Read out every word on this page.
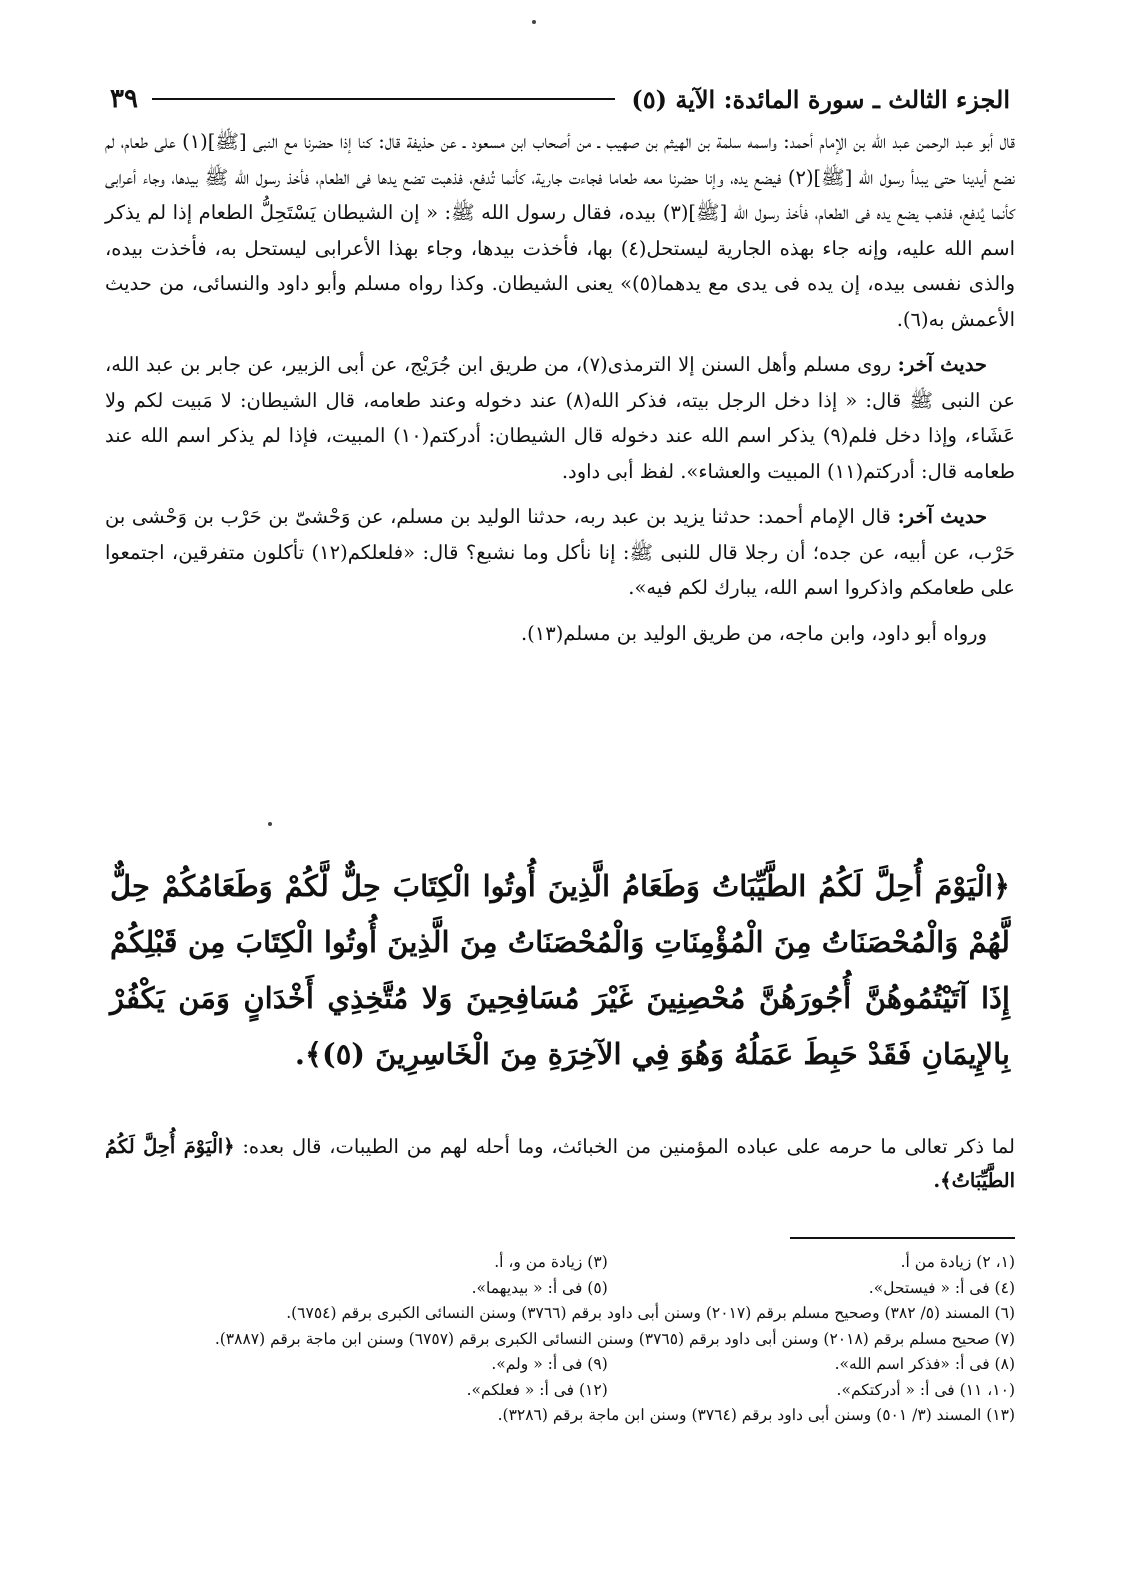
الجزء الثالث ـ سورة المائدة: الآية (٥)
٣٩

قال أبو عبد الرحمن عبد الله بن الإمام أحمد: واسمه سلمة بن الهيثم بن صهيب ـ من أصحاب ابن مسعود ـ عن حذيفة قال: كنا إذا حضرنا مع النبى [ﷺ](١) على طعام، لم نضع أيدينا حتى يبدأ رسول الله [ﷺ](٢) فيضع يده، وإنا حضرنا معه طعاما فجاءت جارية، كأنما تُدفع، فذهبت تضع يدها فى الطعام، فأخذ رسول الله ﷺ بيدها، وجاء أعرابى كأنما يُدفع، فذهب يضع يده فى الطعام، فأخذ رسول الله [ﷺ](٣) بيده، فقال رسول الله ﷺ: « إن الشيطان يَسْتَحِلُّ الطعام إذا لم يذكر اسم الله عليه، وإنه جاء بهذه الجارية ليستحل(٤) بها، فأخذت بيدها، وجاء بهذا الأعرابى ليستحل به، فأخذت بيده، والذى نفسى بيده، إن يده فى يدى مع يدهما(٥)» يعنى الشيطان. وكذا رواه مسلم وأبو داود والنسائى، من حديث الأعمش به(٦).

حديث آخر: روى مسلم وأهل السنن إلا الترمذى(٧)، من طريق ابن جُرَيْج، عن أبى الزبير، عن جابر بن عبد الله، عن النبى ﷺ قال: « إذا دخل الرجل بيته، فذكر الله(٨) عند دخوله وعند طعامه، قال الشيطان: لا مَبيت لكم ولا عَشَاء، وإذا دخل فلم(٩) يذكر اسم الله عند دخوله قال الشيطان: أدركتم(١٠) المبيت، فإذا لم يذكر اسم الله عند طعامه قال: أدركتم(١١) المبيت والعشاء». لفظ أبى داود.

حديث آخر: قال الإمام أحمد: حدثنا يزيد بن عبد ربه، حدثنا الوليد بن مسلم، عن وَحْشىّ بن حَرْب بن وَحْشى بن حَرْب، عن أبيه، عن جده؛ أن رجلا قال للنبى ﷺ: إنا نأكل وما نشبع؟ قال: «فلعلكم(١٢) تأكلون متفرقين، اجتمعوا على طعامكم واذكروا اسم الله، يبارك لكم فيه».

ورواه أبو داود، وابن ماجه، من طريق الوليد بن مسلم(١٣).

﴿الْيَوْمَ أُحِلَّ لَكُمُ الطَّيِّبَاتُ وَطَعَامُ الَّذِينَ أُوتُوا الْكِتَابَ حِلٌّ لَّكُمْ وَطَعَامُكُمْ حِلٌّ لَّهُمْ وَالْمُحْصَنَاتُ مِنَ الْمُؤْمِنَاتِ وَالْمُحْصَنَاتُ مِنَ الَّذِينَ أُوتُوا الْكِتَابَ مِن قَبْلِكُمْ إِذَا آتَيْتُمُوهُنَّ أُجُورَهُنَّ مُحْصِنِينَ غَيْرَ مُسَافِحِينَ وَلا مُتَّخِذِي أَخْدَانٍ وَمَن يَكْفُرْ بِالإِيمَانِ فَقَدْ حَبِطَ عَمَلُهُ وَهُوَ فِي الآخِرَةِ مِنَ الْخَاسِرِينَ (٥)﴾.
لما ذكر تعالى ما حرمه على عباده المؤمنين من الخبائث، وما أحله لهم من الطيبات، قال بعده: ﴿الْيَوْمَ أُحِلَّ لَكُمُ الطَّيِّبَاتُ﴾.
(١، ٢) زيادة من أ.
(٣) زيادة من و، أ.
(٤) فى أ: « فيستحل».
(٥) فى أ: « بيديهما».
(٦) المسند (٥/ ٣٨٢) وصحيح مسلم برقم (٢٠١٧) وسنن أبى داود برقم (٣٧٦٦) وسنن النسائى الكبرى برقم (٦٧٥٤).
(٧) صحيح مسلم برقم (٢٠١٨) وسنن أبى داود برقم (٣٧٦٥) وسنن النسائى الكبرى برقم (٦٧٥٧) وسنن ابن ماجة برقم (٣٨٨٧).
(٨) فى أ: «فذكر اسم الله».
(٩) فى أ: « ولم».
(١٠، ١١) فى أ: « أدركتكم».
(١٢) فى أ: « فعلكم».
(١٣) المسند (٣/ ٥٠١) وسنن أبى داود برقم (٣٧٦٤) وسنن ابن ماجة برقم (٣٢٨٦).
